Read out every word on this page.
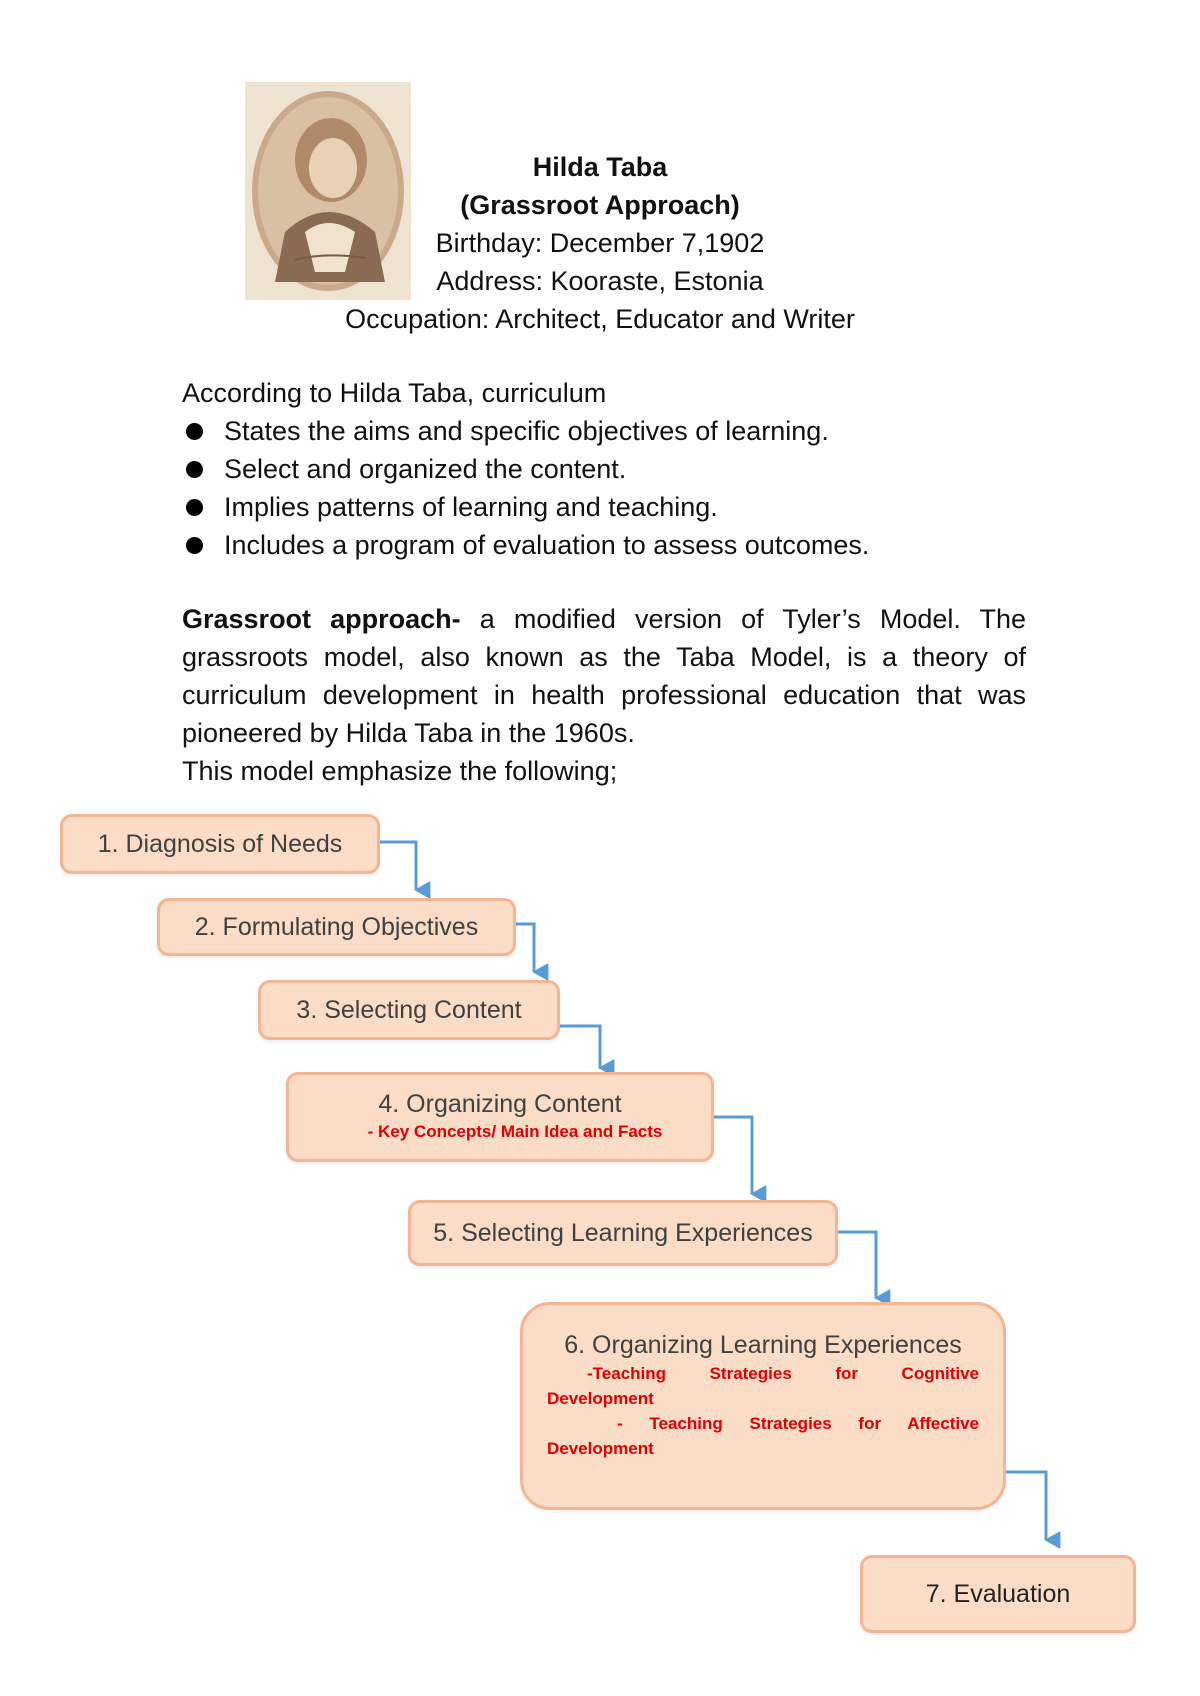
Hilda Taba
(Grassroot Approach)
Birthday: December 7,1902
Address: Kooraste, Estonia
Occupation: Architect, Educator and Writer
According to Hilda Taba, curriculum
States the aims and specific objectives of learning.
Select and organized the content.
Implies patterns of learning and teaching.
Includes a program of evaluation to assess outcomes.
Grassroot approach- a modified version of Tyler’s Model. The grassroots model, also known as the Taba Model, is a theory of curriculum development in health professional education that was pioneered by Hilda Taba in the 1960s.
This model emphasize the following;
1. Diagnosis of Needs
2. Formulating Objectives
3. Selecting Content
4. Organizing Content
- Key Concepts/ Main Idea and Facts
5. Selecting Learning Experiences
6. Organizing Learning Experiences
-Teaching Strategies for Cognitive
Development
- Teaching Strategies for Affective
Development
7. Evaluation
